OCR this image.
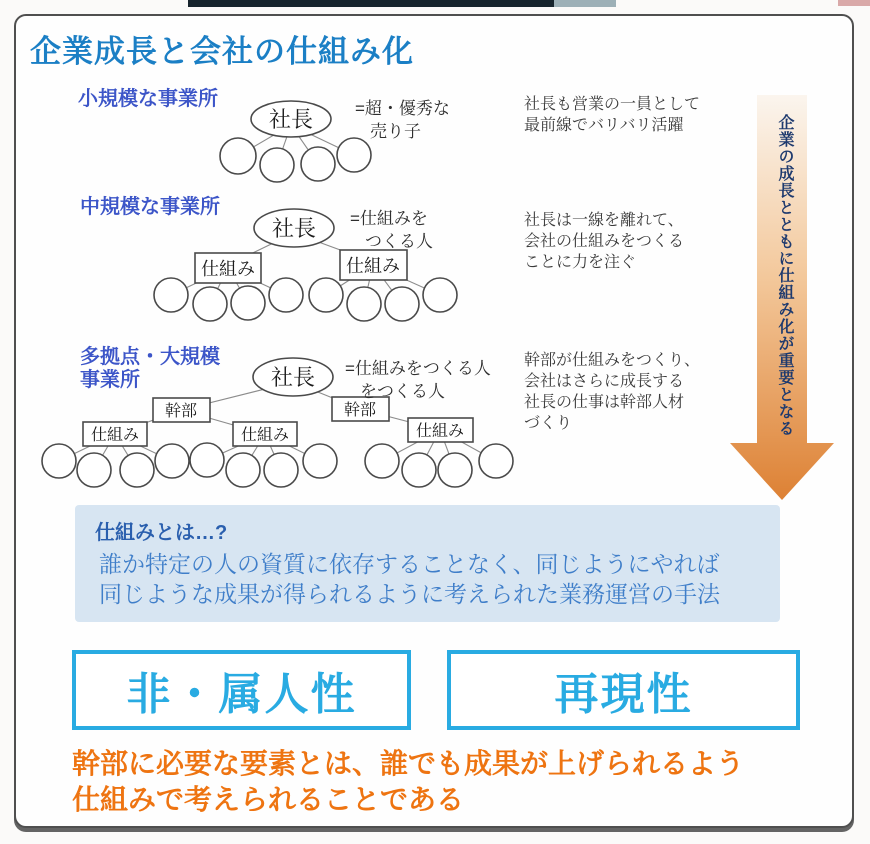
企業成長と会社の仕組み化
小規模な事業所
社長 =超・優秀な
売り子
社長も営業の一員として
最前線でバリバリ活躍
中規模な事業所
社長
仕組み	仕組み
=仕組みを
つくる人
社長は一線を離れて、
会社の仕組みをつくる
ことに力を注ぐ
多拠点・大規模
事業所	社長
幹部	幹部
仕組み	仕組み	仕組み
=仕組みをつくる人
をつくる人
幹部が仕組みをつくり、
会社はさらに成長する
社長の仕事は幹部人材
づくり	企業の成長とともに仕組み化が重要となる
仕組みとは…?
誰か特定の人の資質に依存することなく、同じようにやれば
同じような成果が得られるように考えられた業務運営の手法
非・属人性	再現性
幹部に必要な要素とは、誰でも成果が上げられるよう
仕組みで考えられることである
